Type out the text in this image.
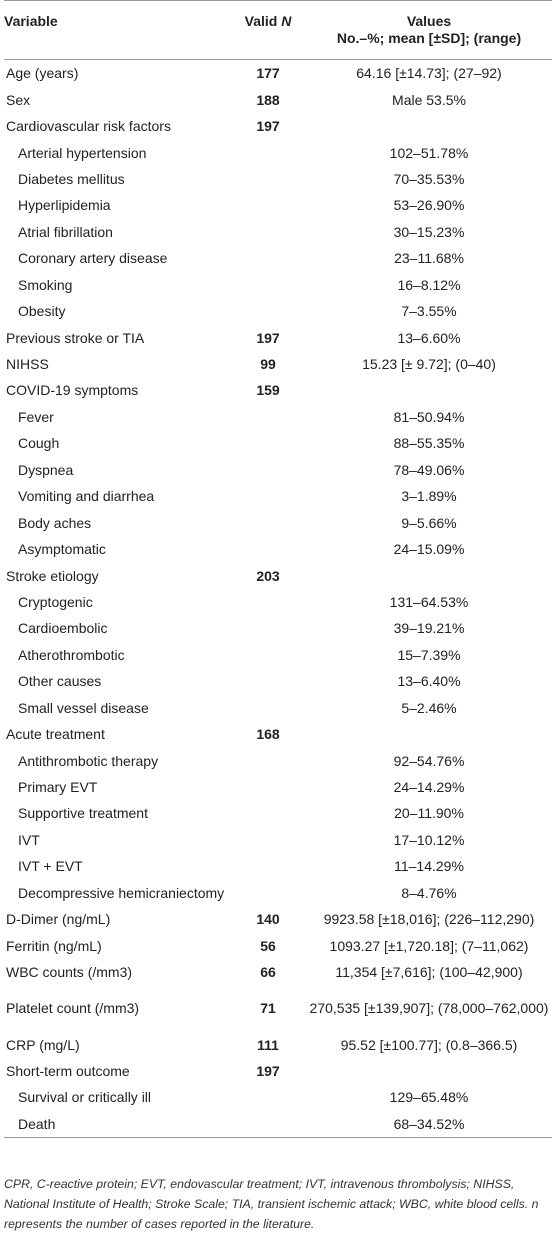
Variable	Valid N	Values
No.–%; mean [±SD]; (range)

Age (years)	177	64.16 [±14.73]; (27–92)
Sex	188	Male 53.5%
Cardiovascular risk factors	197	
Arterial hypertension		102–51.78%
Diabetes mellitus		70–35.53%
Hyperlipidemia		53–26.90%
Atrial fibrillation		30–15.23%
Coronary artery disease		23–11.68%
Smoking		16–8.12%
Obesity		7–3.55%
Previous stroke or TIA	197	13–6.60%
NIHSS	99	15.23 [± 9.72]; (0–40)
COVID-19 symptoms	159	
Fever		81–50.94%
Cough		88–55.35%
Dyspnea		78–49.06%
Vomiting and diarrhea		3–1.89%
Body aches		9–5.66%
Asymptomatic		24–15.09%
Stroke etiology	203	
Cryptogenic		131–64.53%
Cardioembolic		39–19.21%
Atherothrombotic		15–7.39%
Other causes		13–6.40%
Small vessel disease		5–2.46%
Acute treatment	168	
Antithrombotic therapy		92–54.76%
Primary EVT		24–14.29%
Supportive treatment		20–11.90%
IVT		17–10.12%
IVT + EVT		11–14.29%
Decompressive hemicraniectomy		8–4.76%
D-Dimer (ng/mL)	140	9923.58 [±18,016]; (226–112,290)
Ferritin (ng/mL)	56	1093.27 [±1,720.18]; (7–11,062)
WBC counts (/mm3)	66	11,354 [±7,616]; (100–42,900)
Platelet count (/mm3)	71	270,535 [±139,907]; (78,000–762,000)
CRP (mg/L)	111	95.52 [±100.77]; (0.8–366.5)
Short-term outcome	197	
Survival or critically ill		129–65.48%
Death		68–34.52%
CPR, C-reactive protein; EVT, endovascular treatment; IVT, intravenous thrombolysis; NIHSS, National Institute of Health; Stroke Scale; TIA, transient ischemic attack; WBC, white blood cells. n represents the number of cases reported in the literature.
